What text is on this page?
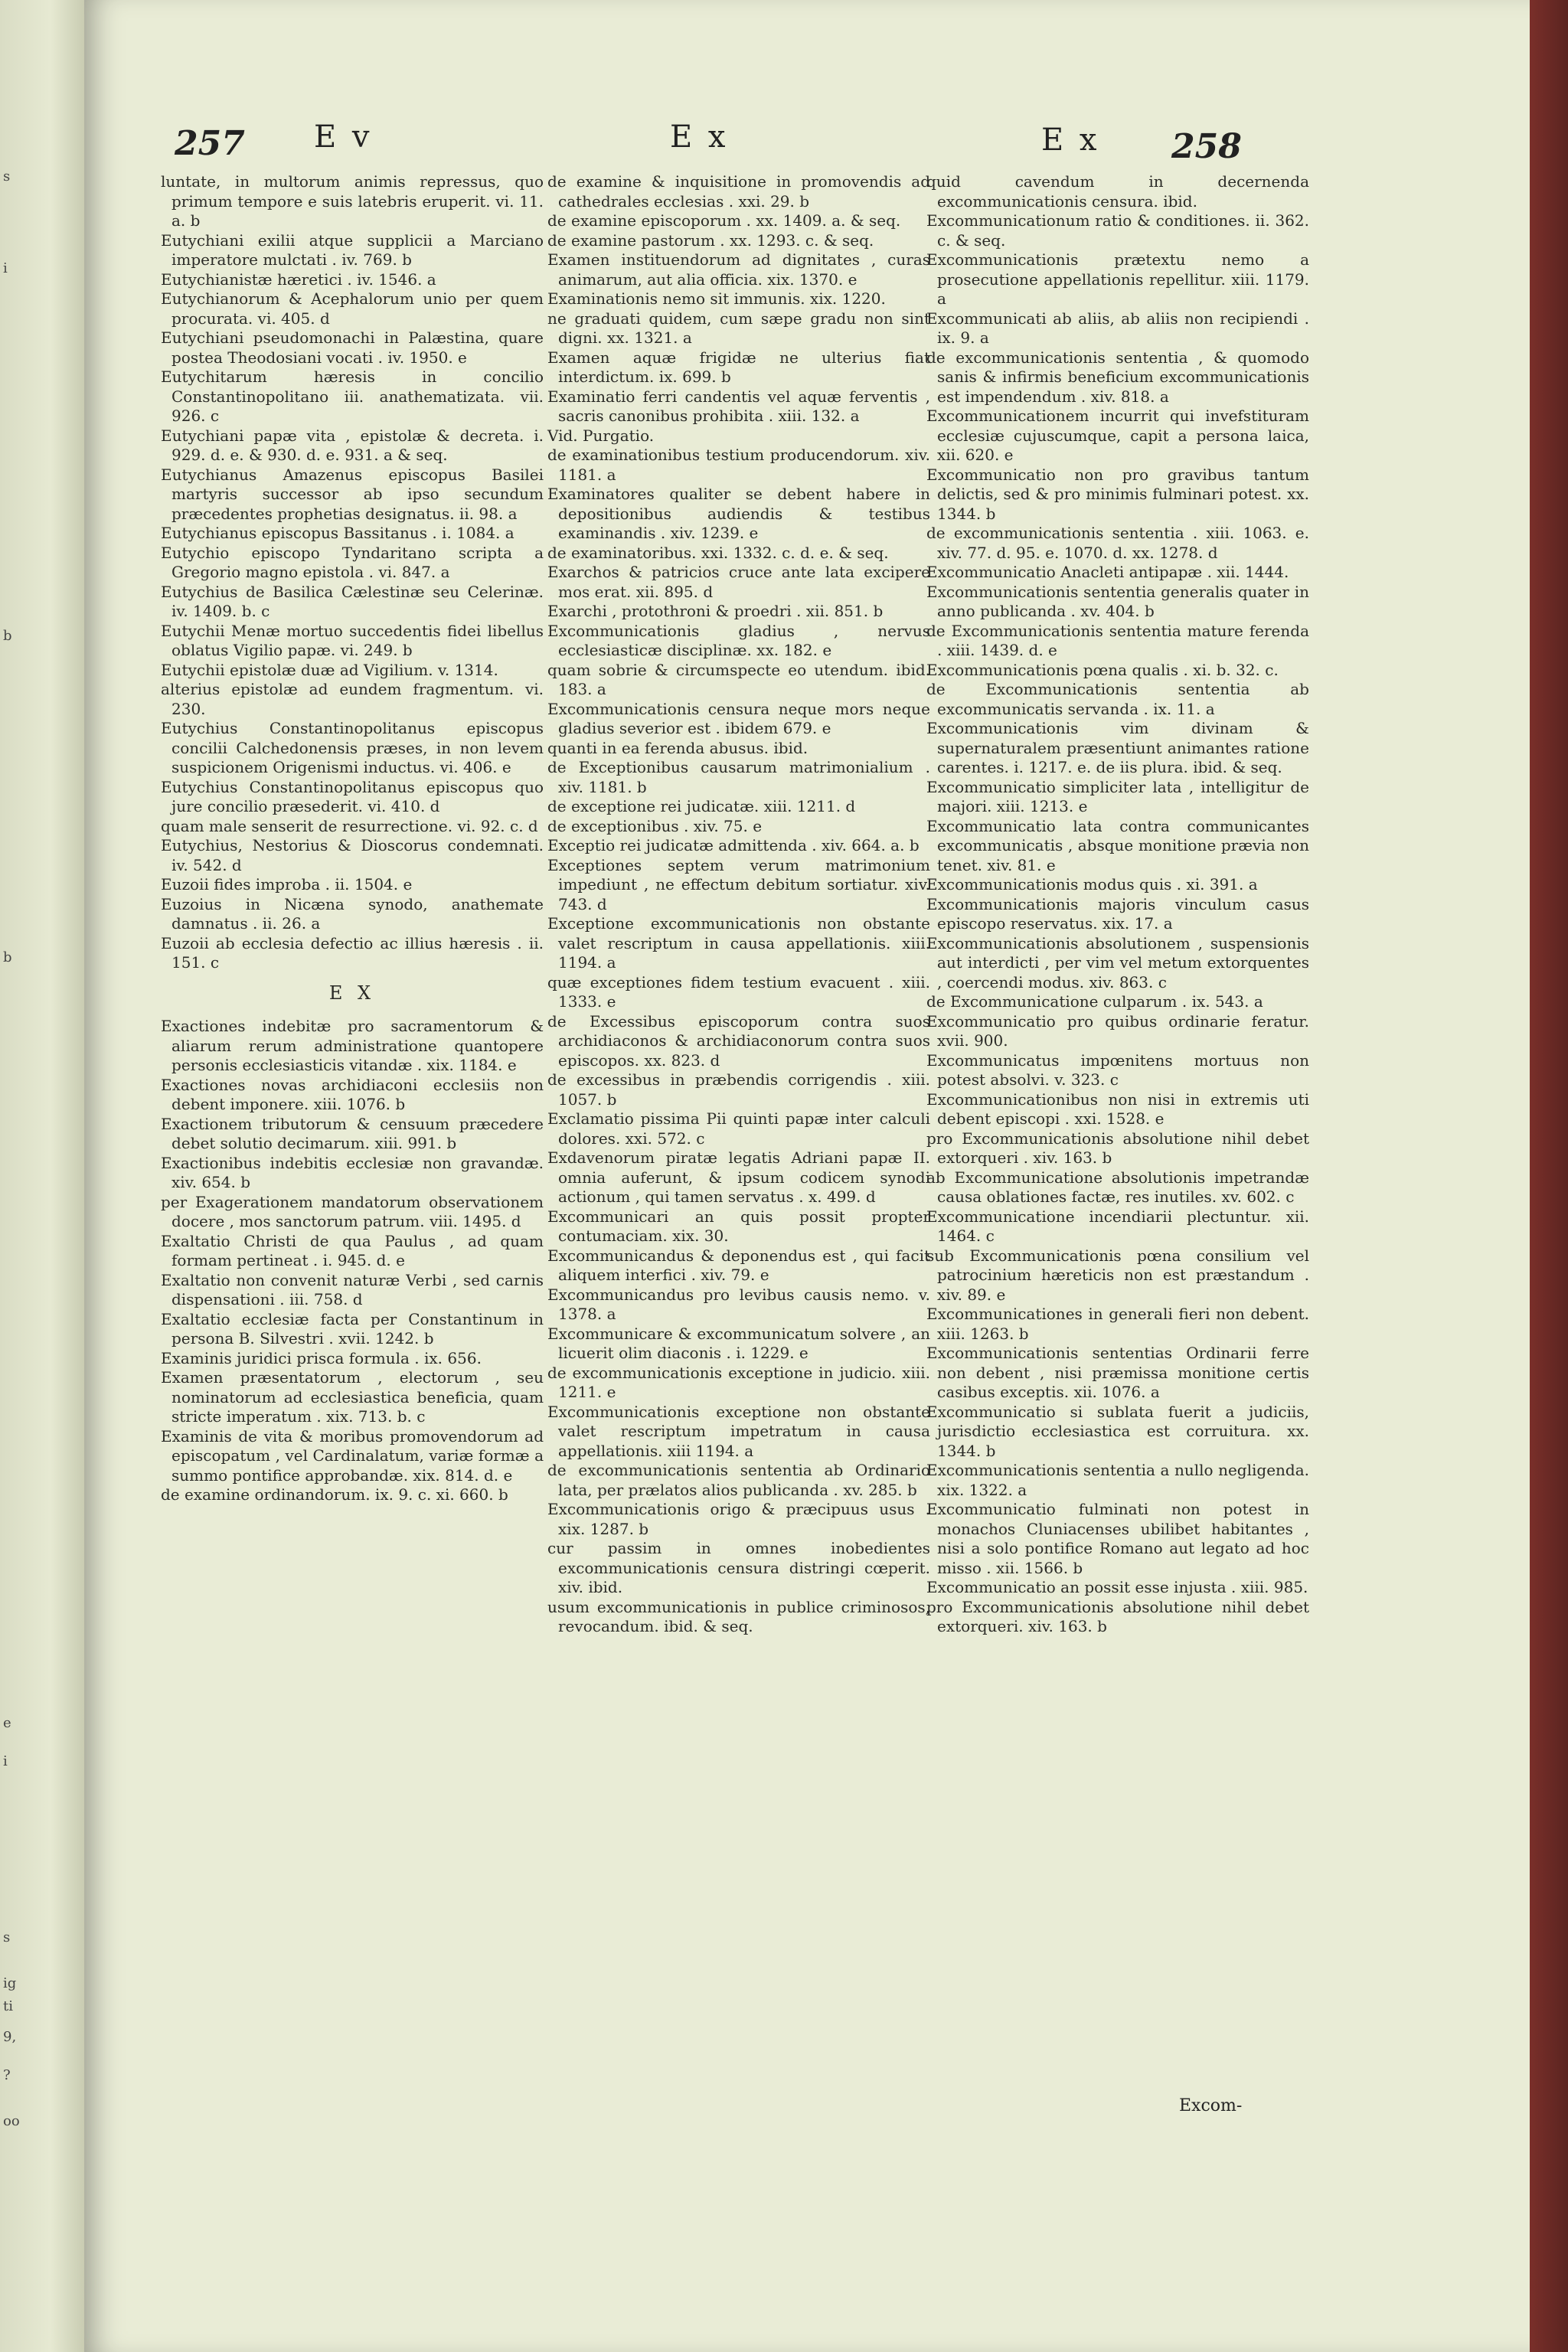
s
i
b
b
e
i
s
ig
ti
9,
?
oo
257 E v	E x	E x 258

luntate, in multorum animis repressus, quo primum tempore e suis latebris eruperit. vi. 11. a. b

Eutychiani exilii atque supplicii a Marciano imperatore mulctati . iv. 769. b

Eutychianistæ hæretici . iv. 1546. a

Eutychianorum & Acephalorum unio per quem procurata. vi. 405. d

Eutychiani pseudomonachi in Palæstina, quare postea Theodosiani vocati . iv. 1950. e

Eutychitarum hæresis in concilio Constantinopolitano iii. anathematizata. vii. 926. c

Eutychiani papæ vita , epistolæ & decreta. i. 929. d. e. & 930. d. e. 931. a & seq.

Eutychianus Amazenus episcopus Basilei martyris successor ab ipso secundum præcedentes prophetias designatus. ii. 98. a

Eutychianus episcopus Bassitanus . i. 1084. a

Eutychio episcopo Tyndaritano scripta a Gregorio magno epistola . vi. 847. a

Eutychius de Basilica Cælestinæ seu Celerinæ. iv. 1409. b. c

Eutychii Menæ mortuo succedentis fidei libellus oblatus Vigilio papæ. vi. 249. b

Eutychii epistolæ duæ ad Vigilium. v. 1314.

alterius epistolæ ad eundem fragmentum. vi. 230.

Eutychius Constantinopolitanus episcopus concilii Calchedonensis præses, in non levem suspicionem Origenismi inductus. vi. 406. e

Eutychius Constantinopolitanus episcopus quo jure concilio præsederit. vi. 410. d

quam male senserit de resurrectione. vi. 92. c. d

Eutychius, Nestorius & Dioscorus condemnati. iv. 542. d

Euzoii fides improba . ii. 1504. e

Euzoius in Nicæna synodo, anathemate damnatus . ii. 26. a

Euzoii ab ecclesia defectio ac illius hæresis . ii. 151. c

E X

Exactiones indebitæ pro sacramentorum & aliarum rerum administratione quantopere personis ecclesiasticis vitandæ . xix. 1184. e

Exactiones novas archidiaconi ecclesiis non debent imponere. xiii. 1076. b

Exactionem tributorum & censuum præcedere debet solutio decimarum. xiii. 991. b

Exactionibus indebitis ecclesiæ non gravandæ. xiv. 654. b

per Exagerationem mandatorum observationem docere , mos sanctorum patrum. viii. 1495. d

Exaltatio Christi de qua Paulus , ad quam formam pertineat . i. 945. d. e

Exaltatio non convenit naturæ Verbi , sed carnis dispensationi . iii. 758. d

Exaltatio ecclesiæ facta per Constantinum in persona B. Silvestri . xvii. 1242. b

Examinis juridici prisca formula . ix. 656.

Examen præsentatorum , electorum , seu nominatorum ad ecclesiastica beneficia, quam stricte imperatum . xix. 713. b. c

Examinis de vita & moribus promovendorum ad episcopatum , vel Cardinalatum, variæ formæ a summo pontifice approbandæ. xix. 814. d. e

de examine ordinandorum. ix. 9. c. xi. 660. b

de examine & inquisitione in promovendis ad cathedrales ecclesias . xxi. 29. b

de examine episcoporum . xx. 1409. a. & seq.

de examine pastorum . xx. 1293. c. & seq.

Examen instituendorum ad dignitates , curas animarum, aut alia officia. xix. 1370. e

Examinationis nemo sit immunis. xix. 1220.

ne graduati quidem, cum sæpe gradu non sint digni. xx. 1321. a

Examen aquæ frigidæ ne ulterius fiat interdictum. ix. 699. b

Examinatio ferri candentis vel aquæ ferventis , sacris canonibus prohibita . xiii. 132. a

Vid. Purgatio.

de examinationibus testium producendorum. xiv. 1181. a

Examinatores qualiter se debent habere in depositionibus audiendis & testibus examinandis . xiv. 1239. e

de examinatoribus. xxi. 1332. c. d. e. & seq.

Exarchos & patricios cruce ante lata excipere mos erat. xii. 895. d

Exarchi , protothroni & proedri . xii. 851. b

Excommunicationis gladius , nervus ecclesiasticæ disciplinæ. xx. 182. e

quam sobrie & circumspecte eo utendum. ibid. 183. a

Excommunicationis censura neque mors neque gladius severior est . ibidem 679. e

quanti in ea ferenda abusus. ibid.

de Exceptionibus causarum matrimonialium . xiv. 1181. b

de exceptione rei judicatæ. xiii. 1211. d

de exceptionibus . xiv. 75. e

Exceptio rei judicatæ admittenda . xiv. 664. a. b

Exceptiones septem verum matrimonium impediunt , ne effectum debitum sortiatur. xiv. 743. d

Exceptione excommunicationis non obstante valet rescriptum in causa appellationis. xiii. 1194. a

quæ exceptiones fidem testium evacuent . xiii. 1333. e

de Excessibus episcoporum contra suos archidiaconos & archidiaconorum contra suos episcopos. xx. 823. d

de excessibus in præbendis corrigendis . xiii. 1057. b

Exclamatio pissima Pii quinti papæ inter calculi dolores. xxi. 572. c

Exdavenorum piratæ legatis Adriani papæ II. omnia auferunt, & ipsum codicem synodi actionum , qui tamen servatus . x. 499. d

Excommunicari an quis possit propter contumaciam. xix. 30.

Excommunicandus & deponendus est , qui facit aliquem interfici . xiv. 79. e

Excommunicandus pro levibus causis nemo. v. 1378. a

Excommunicare & excommunicatum solvere , an licuerit olim diaconis . i. 1229. e

de excommunicationis exceptione in judicio. xiii. 1211. e

Excommunicationis exceptione non obstante valet rescriptum impetratum in causa appellationis. xiii 1194. a

de excommunicationis sententia ab Ordinario lata, per prælatos alios publicanda . xv. 285. b

Excommunicationis origo & præcipuus usus . xix. 1287. b

cur passim in omnes inobedientes excommunicationis censura distringi cœperit. xiv. ibid.

usum excommunicationis in publice criminosos, revocandum. ibid. & seq.

quid cavendum in decernenda excommunicationis censura. ibid.

Excommunicationum ratio & conditiones. ii. 362. c. & seq.

Excommunicationis prætextu nemo a prosecutione appellationis repellitur. xiii. 1179. a

Excommunicati ab aliis, ab aliis non recipiendi . ix. 9. a

de excommunicationis sententia , & quomodo sanis & infirmis beneficium excommunicationis est impendendum . xiv. 818. a

Excommunicationem incurrit qui invefstituram ecclesiæ cujuscumque, capit a persona laica, xii. 620. e

Excommunicatio non pro gravibus tantum delictis, sed & pro minimis fulminari potest. xx. 1344. b

de excommunicationis sententia . xiii. 1063. e. xiv. 77. d. 95. e. 1070. d. xx. 1278. d

Excommunicatio Anacleti antipapæ . xii. 1444.

Excommunicationis sententia generalis quater in anno publicanda . xv. 404. b

de Excommunicationis sententia mature ferenda . xiii. 1439. d. e

Excommunicationis pœna qualis . xi. b. 32. c.

de Excommunicationis sententia ab excommunicatis servanda . ix. 11. a

Excommunicationis vim divinam & supernaturalem præsentiunt animantes ratione carentes. i. 1217. e. de iis plura. ibid. & seq.

Excommunicatio simpliciter lata , intelligitur de majori. xiii. 1213. e

Excommunicatio lata contra communicantes excommunicatis , absque monitione prævia non tenet. xiv. 81. e

Excommunicationis modus quis . xi. 391. a

Excommunicationis majoris vinculum casus episcopo reservatus. xix. 17. a

Excommunicationis absolutionem , suspensionis aut interdicti , per vim vel metum extorquentes , coercendi modus. xiv. 863. c

de Excommunicatione culparum . ix. 543. a

Excommunicatio pro quibus ordinarie feratur. xvii. 900.

Excommunicatus impœnitens mortuus non potest absolvi. v. 323. c

Excommunicationibus non nisi in extremis uti debent episcopi . xxi. 1528. e

pro Excommunicationis absolutione nihil debet extorqueri . xiv. 163. b

ab Excommunicatione absolutionis impetrandæ causa oblationes factæ, res inutiles. xv. 602. c

Excommunicatione incendiarii plectuntur. xii. 1464. c

sub Excommunicationis pœna consilium vel patrocinium hæreticis non est præstandum . xiv. 89. e

Excommunicationes in generali fieri non debent. xiii. 1263. b

Excommunicationis sententias Ordinarii ferre non debent , nisi præmissa monitione certis casibus exceptis. xii. 1076. a

Excommunicatio si sublata fuerit a judiciis, jurisdictio ecclesiastica est corruitura. xx. 1344. b

Excommunicationis sententia a nullo negligenda. xix. 1322. a

Excommunicatio fulminati non potest in monachos Cluniacenses ubilibet habitantes , nisi a solo pontifice Romano aut legato ad hoc misso . xii. 1566. b

Excommunicatio an possit esse injusta . xiii. 985.

pro Excommunicationis absolutione nihil debet extorqueri. xiv. 163. b

Excom-
